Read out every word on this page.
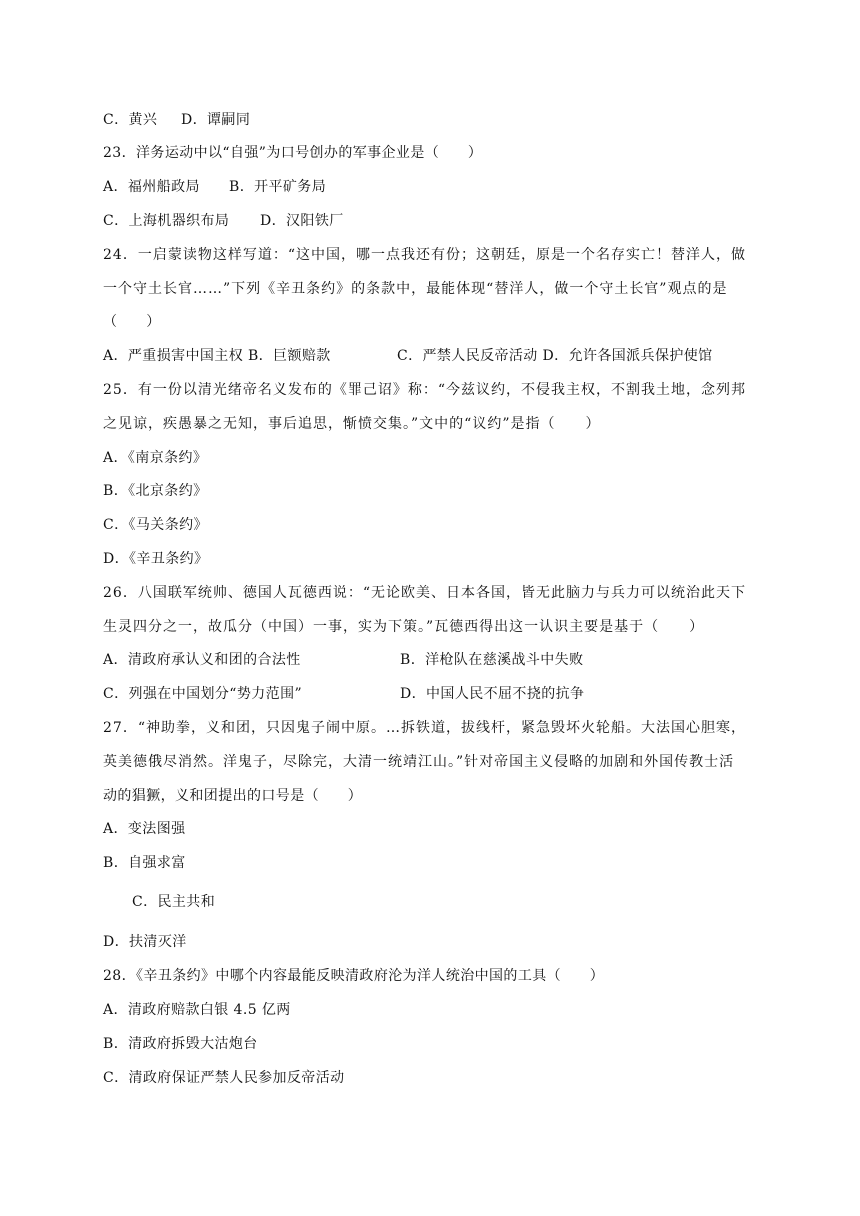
C．黄兴 D．谭嗣同
23．洋务运动中以“自强”为口号创办的军事企业是（　　）
A．福州船政局 B．开平矿务局
C．上海机器织布局 D．汉阳铁厂
24．一启蒙读物这样写道：“这中国，哪一点我还有份；这朝廷，原是一个名存实亡！替洋人，做
一个守土长官……”下列《辛丑条约》的条款中，最能体现“替洋人，做一个守土长官”观点的是
（　　）
A．严重损害中国主权 B．巨额赔款	C．严禁人民反帝活动 D．允许各国派兵保护使馆
25．有一份以清光绪帝名义发布的《罪己诏》称：“今兹议约，不侵我主权，不割我土地，念列邦
之见谅，疾愚暴之无知，事后追思，惭愤交集。”文中的“议约”是指（　　）
A．《南京条约》
B．《北京条约》
C．《马关条约》
D．《辛丑条约》
26．八国联军统帅、德国人瓦德西说：“无论欧美、日本各国，皆无此脑力与兵力可以统治此天下
生灵四分之一，故瓜分（中国）一事，实为下策。”瓦德西得出这一认识主要是基于（　　）
A．清政府承认义和团的合法性	B．洋枪队在慈溪战斗中失败
C．列强在中国划分“势力范围”	D．中国人民不屈不挠的抗争
27．“神助拳，义和团，只因鬼子闹中原。…拆铁道，拔线杆，紧急毁坏火轮船。大法国心胆寒，
英美德俄尽消然。洋鬼子，尽除完，大清一统靖江山。”针对帝国主义侵略的加剧和外国传教士活
动的猖獗，义和团提出的口号是（　　）
A．变法图强
B．自强求富
C．民主共和
D．扶清灭洋
28．《辛丑条约》中哪个内容最能反映清政府沦为洋人统治中国的工具（　　）
A．清政府赔款白银 4.5 亿两
B．清政府拆毁大沽炮台
C．清政府保证严禁人民参加反帝活动
